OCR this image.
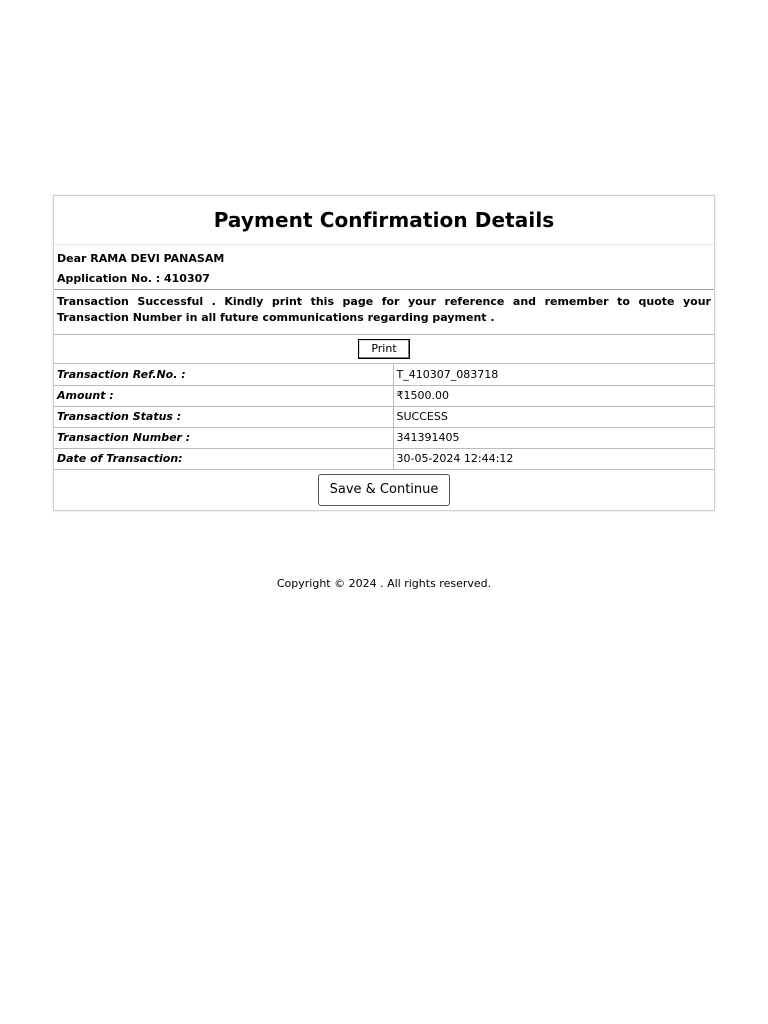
Payment Confirmation Details
Dear RAMA DEVI PANASAM
Application No. : 410307
Transaction Successful . Kindly print this page for your reference and remember to quote your Transaction Number in all future communications regarding payment .
Print
Transaction Ref.No. :	T_410307_083718
Amount :	₹1500.00
Transaction Status :	SUCCESS
Transaction Number :	341391405
Date of Transaction:	30-05-2024 12:44:12
Save & Continue
Copyright © 2024 . All rights reserved.
